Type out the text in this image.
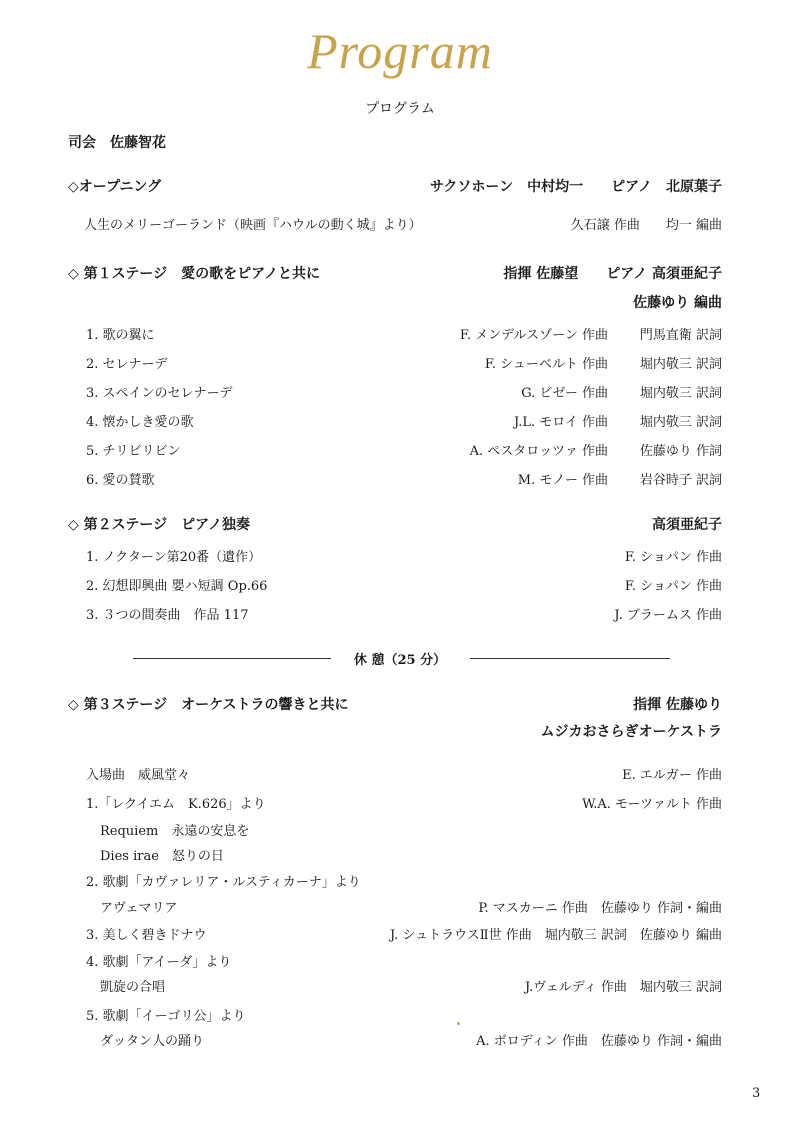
Program
プログラム
司会　佐藤智花
◇オープニング	サクソホーン　中村均一　　ピアノ　北原葉子
人生のメリーゴーランド（映画『ハウルの動く城』より）	久石譲 作曲　　均一 編曲
◇ 第１ステージ　愛の歌をピアノと共に	指揮 佐藤望　　ピアノ 高須亜紀子
佐藤ゆり 編曲
1. 歌の翼に	F. メンデルスゾーン 作曲 門馬直衛 訳詞
2. セレナーデ	F. シューベルト 作曲 堀内敬三 訳詞
3. スペインのセレナーデ	G. ビゼー 作曲 堀内敬三 訳詞
4. 懐かしき愛の歌	J.L. モロイ 作曲 堀内敬三 訳詞
5. チリビリビン	A. ペスタロッツァ 作曲 佐藤ゆり 作詞
6. 愛の賛歌	M. モノー 作曲 岩谷時子 訳詞
◇ 第２ステージ　ピアノ独奏	高須亜紀子
1. ノクターン第20番（遺作）	F. ショパン 作曲
2. 幻想即興曲 嬰ハ短調 Op.66	F. ショパン 作曲
3. ３つの間奏曲　作品 117	J. ブラームス 作曲
休 憩（25 分）
◇ 第３ステージ　オーケストラの響きと共に	指揮 佐藤ゆり
ムジカおさらぎオーケストラ
入場曲　威風堂々	E. エルガー 作曲
1.「レクイエム　K.626」より	W.A. モーツァルト 作曲
Requiem　永遠の安息を
Dies irae　怒りの日
2. 歌劇「カヴァレリア・ルスティカーナ」より
アヴェマリア	P. マスカーニ 作曲　佐藤ゆり 作詞・編曲
3. 美しく碧きドナウ	J. シュトラウスⅡ世 作曲　堀内敬三 訳詞　佐藤ゆり 編曲
4. 歌劇「アイーダ」より
凱旋の合唱	J.ヴェルディ 作曲　堀内敬三 訳詞
5. 歌劇「イーゴリ公」より
ダッタン人の踊り	A. ボロディン 作曲　佐藤ゆり 作詞・編曲
3
